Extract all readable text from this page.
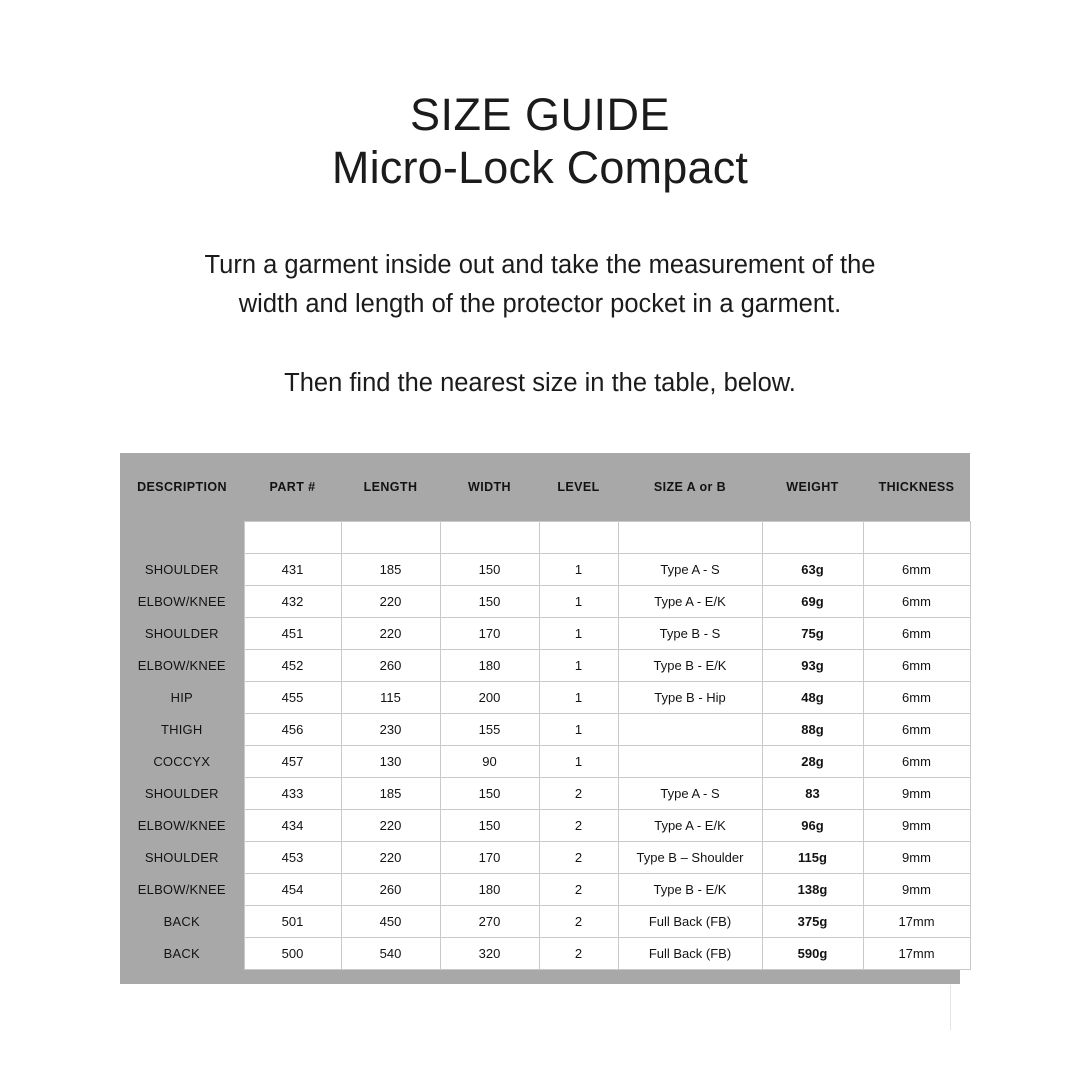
SIZE GUIDE
Micro-Lock Compact

Turn a garment inside out and take the measurement of the

width and length of the protector pocket in a garment.

Then find the nearest size in the table, below.

DESCRIPTION	PART #	LENGTH	WIDTH	LEVEL	SIZE A or B	WEIGHT	THICKNESS

SHOULDER	431	185	150	1	Type A - S	63g	6mm
ELBOW/KNEE	432	220	150	1	Type A - E/K	69g	6mm
SHOULDER	451	220	170	1	Type B - S	75g	6mm
ELBOW/KNEE	452	260	180	1	Type B - E/K	93g	6mm
HIP	455	115	200	1	Type B - Hip	48g	6mm
THIGH	456	230	155	1		88g	6mm
COCCYX	457	130	90	1		28g	6mm
SHOULDER	433	185	150	2	Type A - S	83	9mm
ELBOW/KNEE	434	220	150	2	Type A - E/K	96g	9mm
SHOULDER	453	220	170	2	Type B – Shoulder	115g	9mm
ELBOW/KNEE	454	260	180	2	Type B - E/K	138g	9mm
BACK	501	450	270	2	Full Back (FB)	375g	17mm
BACK	500	540	320	2	Full Back (FB)	590g	17mm
